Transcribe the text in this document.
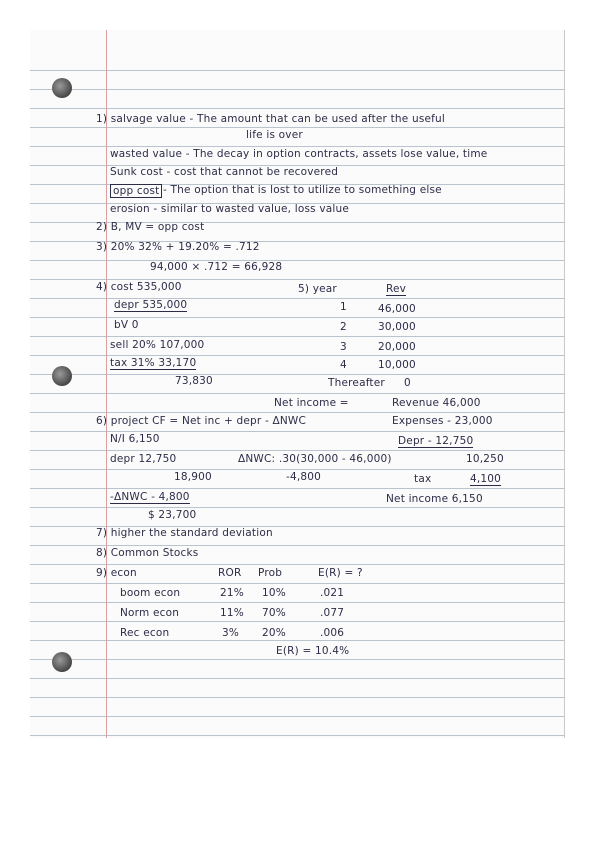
1) salvage value - The amount that can be used after the useful
life is over
wasted value - The decay in option contracts, assets lose value, time
Sunk cost - cost that cannot be recovered
opp cost - The option that is lost to utilize to something else
erosion - similar to wasted value, loss value
2) B, MV = opp cost
3) 20% 32% + 19.20% = .712
94,000 × .712 = 66,928
4) cost 535,000
depr 535,000
bV 0
sell 20% 107,000
tax 31% 33,170
73,830
5) year	Rev
1	46,000
2	30,000
3	20,000
4	10,000
Thereafter 0
Net income =	Revenue 46,000
6) project CF = Net inc + depr - ΔNWC	Expenses - 23,000
N/I 6,150	Depr - 12,750
depr 12,750	ΔNWC: .30(30,000 - 46,000)	10,250
18,900	-4,800	tax	4,100
-ΔNWC - 4,800	Net income 6,150
$ 23,700
7) higher the standard deviation
8) Common Stocks
9) econ	ROR Prob	E(R) = ?
boom econ	21% 10%	.021
Norm econ	11% 70%	.077
Rec econ	3% 20%	.006
E(R) = 10.4%
